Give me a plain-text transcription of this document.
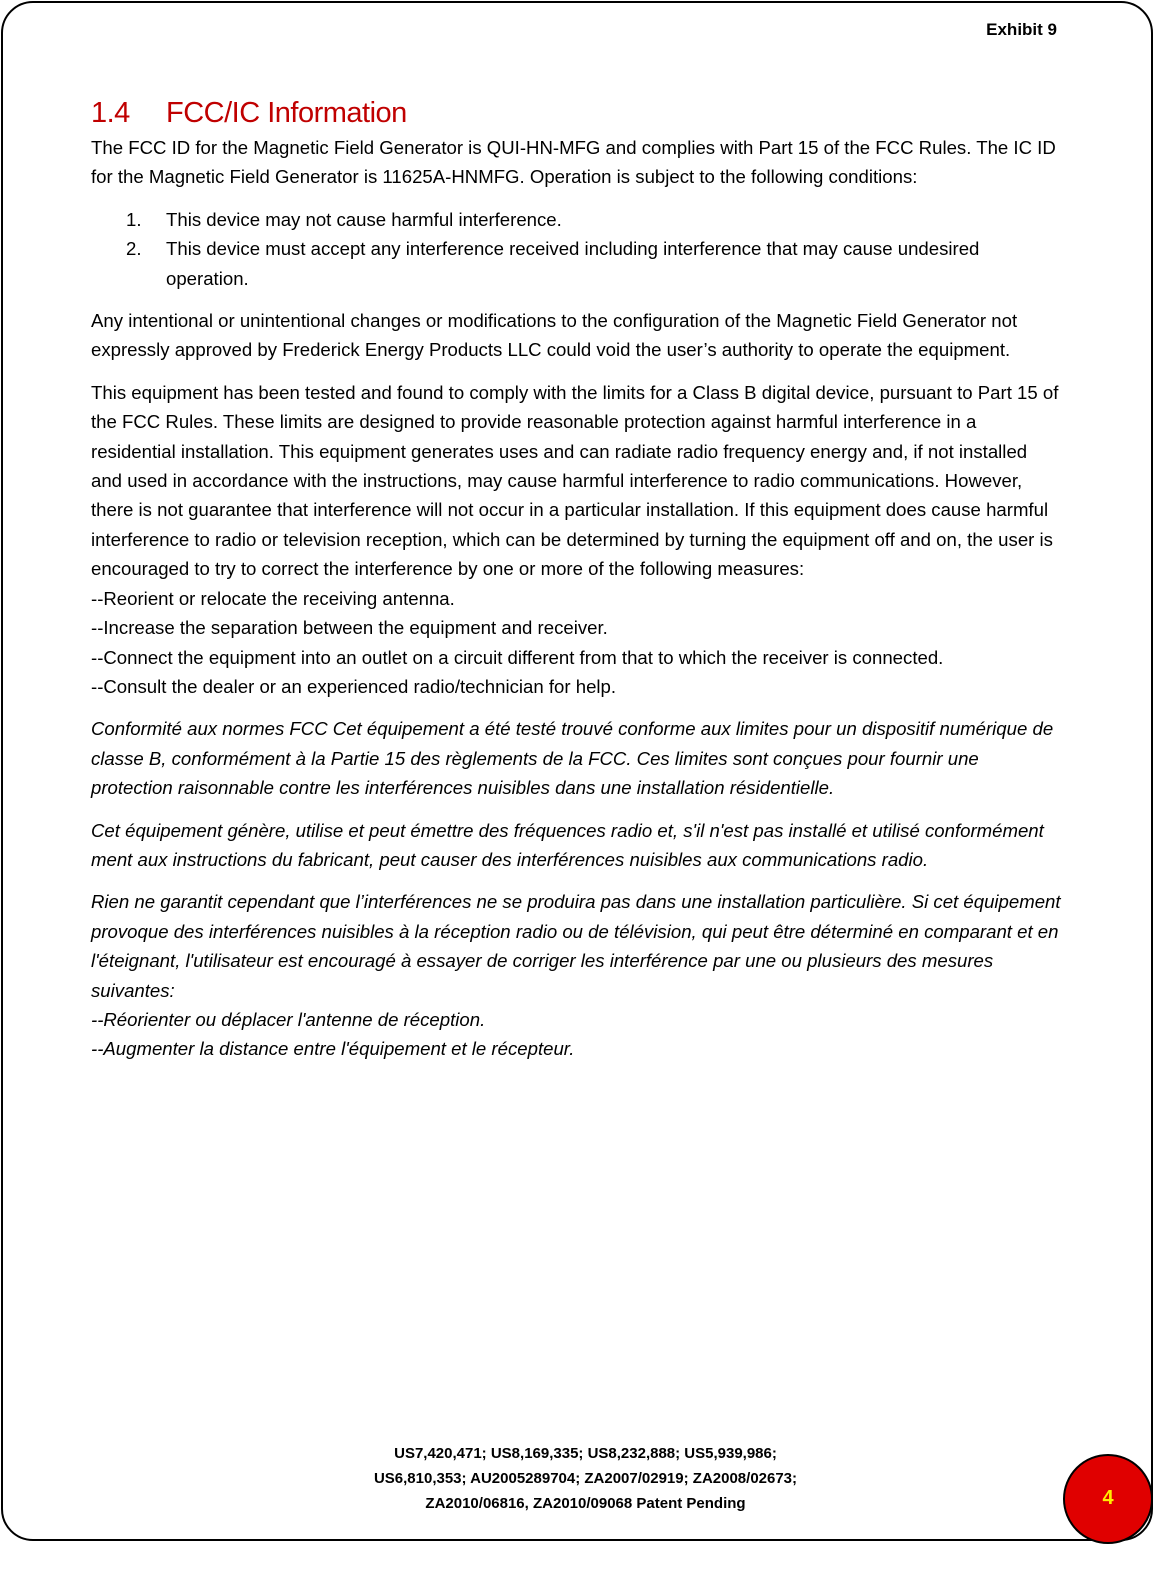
Exhibit 9
1.4 FCC/IC Information

The FCC ID for the Magnetic Field Generator is QUI-HN-MFG and complies with Part 15 of the FCC Rules. The IC ID for the Magnetic Field Generator is 11625A-HNMFG. Operation is subject to the following conditions:

1. This device may not cause harmful interference.
2. This device must accept any interference received including interference that may cause undesired operation.

Any intentional or unintentional changes or modifications to the configuration of the Magnetic Field Generator not expressly approved by Frederick Energy Products LLC could void the user’s authority to operate the equipment.

This equipment has been tested and found to comply with the limits for a Class B digital device, pursuant to Part 15 of the FCC Rules. These limits are designed to provide reasonable protection against harmful interference in a residential installation. This equipment generates uses and can radiate radio frequency energy and, if not installed and used in accordance with the instructions, may cause harmful interference to radio communications. However, there is not guarantee that interference will not occur in a particular installation. If this equipment does cause harmful interference to radio or television reception, which can be determined by turning the equipment off and on, the user is encouraged to try to correct the interference by one or more of the following measures:

--Reorient or relocate the receiving antenna.

--Increase the separation between the equipment and receiver.

--Connect the equipment into an outlet on a circuit different from that to which the receiver is connected.

--Consult the dealer or an experienced radio/technician for help.

Conformité aux normes FCC Cet équipement a été testé trouvé conforme aux limites pour un dispositif numérique de classe B, conformément à la Partie 15 des règlements de la FCC. Ces limites sont conçues pour fournir une protection raisonnable contre les interférences nuisibles dans une installation résidentielle.

Cet équipement génère, utilise et peut émettre des fréquences radio et, s'il n'est pas installé et utilisé conformément ment aux instructions du fabricant, peut causer des interférences nuisibles aux communications radio.

Rien ne garantit cependant que l’interférences ne se produira pas dans une installation particulière. Si cet équipement provoque des interférences nuisibles à la réception radio ou de télévision, qui peut être déterminé en comparant et en l'éteignant, l'utilisateur est encouragé à essayer de corriger les interférence par une ou plusieurs des mesures suivantes:

--Réorienter ou déplacer l'antenne de réception.

--Augmenter la distance entre l'équipement et le récepteur.

US7,420,471; US8,169,335; US8,232,888; US5,939,986;
US6,810,353; AU2005289704; ZA2007/02919; ZA2008/02673;
ZA2010/06816, ZA2010/09068 Patent Pending	4
